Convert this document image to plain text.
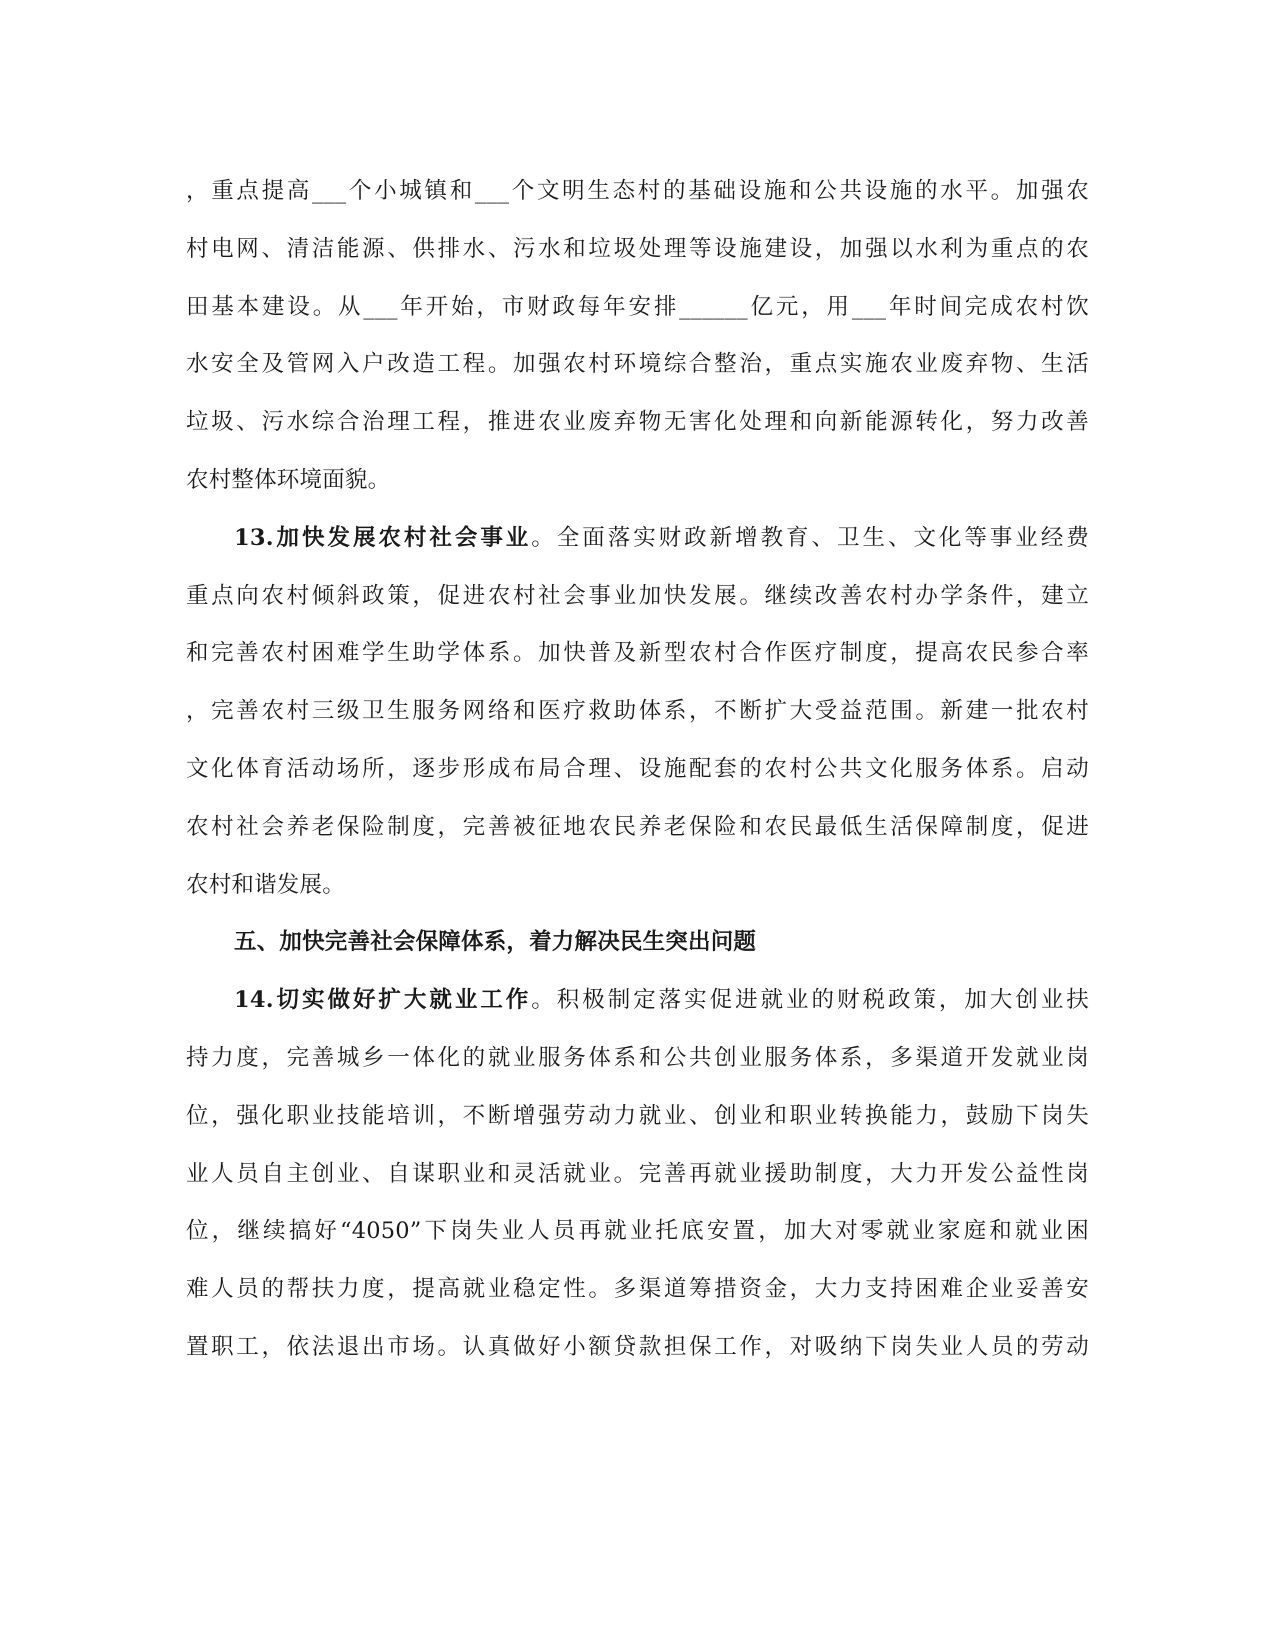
，重点提高___个小城镇和___个文明生态村的基础设施和公共设施的水平。加强农
村电网、清洁能源、供排水、污水和垃圾处理等设施建设，加强以水利为重点的农
田基本建设。从___年开始，市财政每年安排______亿元，用___年时间完成农村饮
水安全及管网入户改造工程。加强农村环境综合整治，重点实施农业废弃物、生活
垃圾、污水综合治理工程，推进农业废弃物无害化处理和向新能源转化，努力改善
农村整体环境面貌。
13.加快发展农村社会事业。全面落实财政新增教育、卫生、文化等事业经费
重点向农村倾斜政策，促进农村社会事业加快发展。继续改善农村办学条件，建立
和完善农村困难学生助学体系。加快普及新型农村合作医疗制度，提高农民参合率
，完善农村三级卫生服务网络和医疗救助体系，不断扩大受益范围。新建一批农村
文化体育活动场所，逐步形成布局合理、设施配套的农村公共文化服务体系。启动
农村社会养老保险制度，完善被征地农民养老保险和农民最低生活保障制度，促进
农村和谐发展。
五、加快完善社会保障体系，着力解决民生突出问题
14.切实做好扩大就业工作。积极制定落实促进就业的财税政策，加大创业扶
持力度，完善城乡一体化的就业服务体系和公共创业服务体系，多渠道开发就业岗
位，强化职业技能培训，不断增强劳动力就业、创业和职业转换能力，鼓励下岗失
业人员自主创业、自谋职业和灵活就业。完善再就业援助制度，大力开发公益性岗
位，继续搞好“4050”下岗失业人员再就业托底安置，加大对零就业家庭和就业困
难人员的帮扶力度，提高就业稳定性。多渠道筹措资金，大力支持困难企业妥善安
置职工，依法退出市场。认真做好小额贷款担保工作，对吸纳下岗失业人员的劳动
